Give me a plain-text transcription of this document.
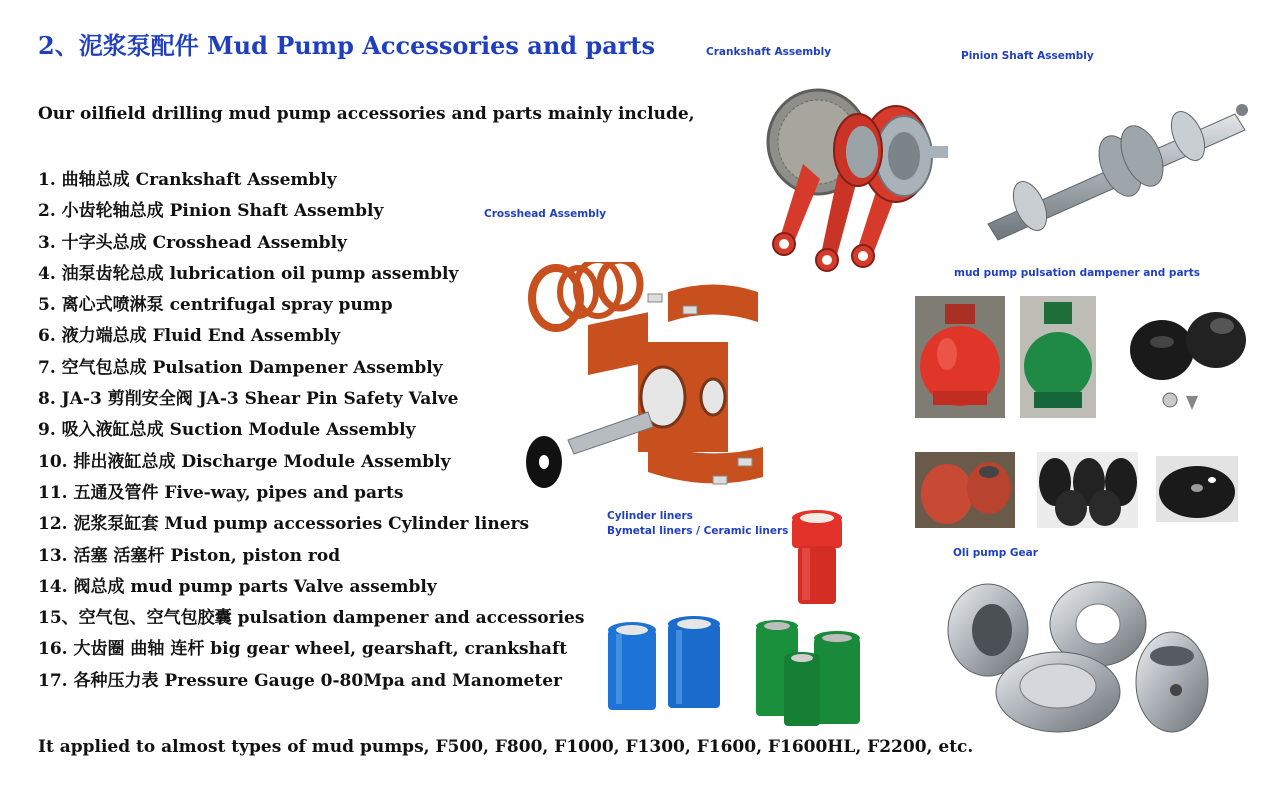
2、泥浆泵配件 Mud Pump Accessories and parts
Our oilfield drilling mud pump accessories and parts mainly include,
1. 曲轴总成 Crankshaft Assembly
2. 小齿轮轴总成 Pinion Shaft Assembly
3. 十字头总成 Crosshead Assembly
4. 油泵齿轮总成 lubrication oil pump assembly
5. 离心式喷淋泵 centrifugal spray pump
6. 液力端总成 Fluid End Assembly
7. 空气包总成 Pulsation Dampener Assembly
8. JA-3 剪削安全阀 JA-3 Shear Pin Safety Valve
9. 吸入液缸总成 Suction Module Assembly
10. 排出液缸总成 Discharge Module Assembly
11. 五通及管件 Five-way, pipes and parts
12. 泥浆泵缸套 Mud pump accessories Cylinder liners
13. 活塞 活塞杆 Piston, piston rod
14. 阀总成 mud pump parts Valve assembly
15、空气包、空气包胶囊 pulsation dampener and accessories
16. 大齿圈 曲轴 连杆 big gear wheel, gearshaft, crankshaft
17. 各种压力表 Pressure Gauge 0-80Mpa and Manometer
It applied to almost types of mud pumps, F500, F800, F1000, F1300, F1600, F1600HL, F2200, etc.
Crankshaft Assembly	Pinion Shaft Assembly
Crosshead Assembly
mud pump pulsation dampener and parts
Cylinder liners
Bymetal liners / Ceramic liners
Oli pump Gear
